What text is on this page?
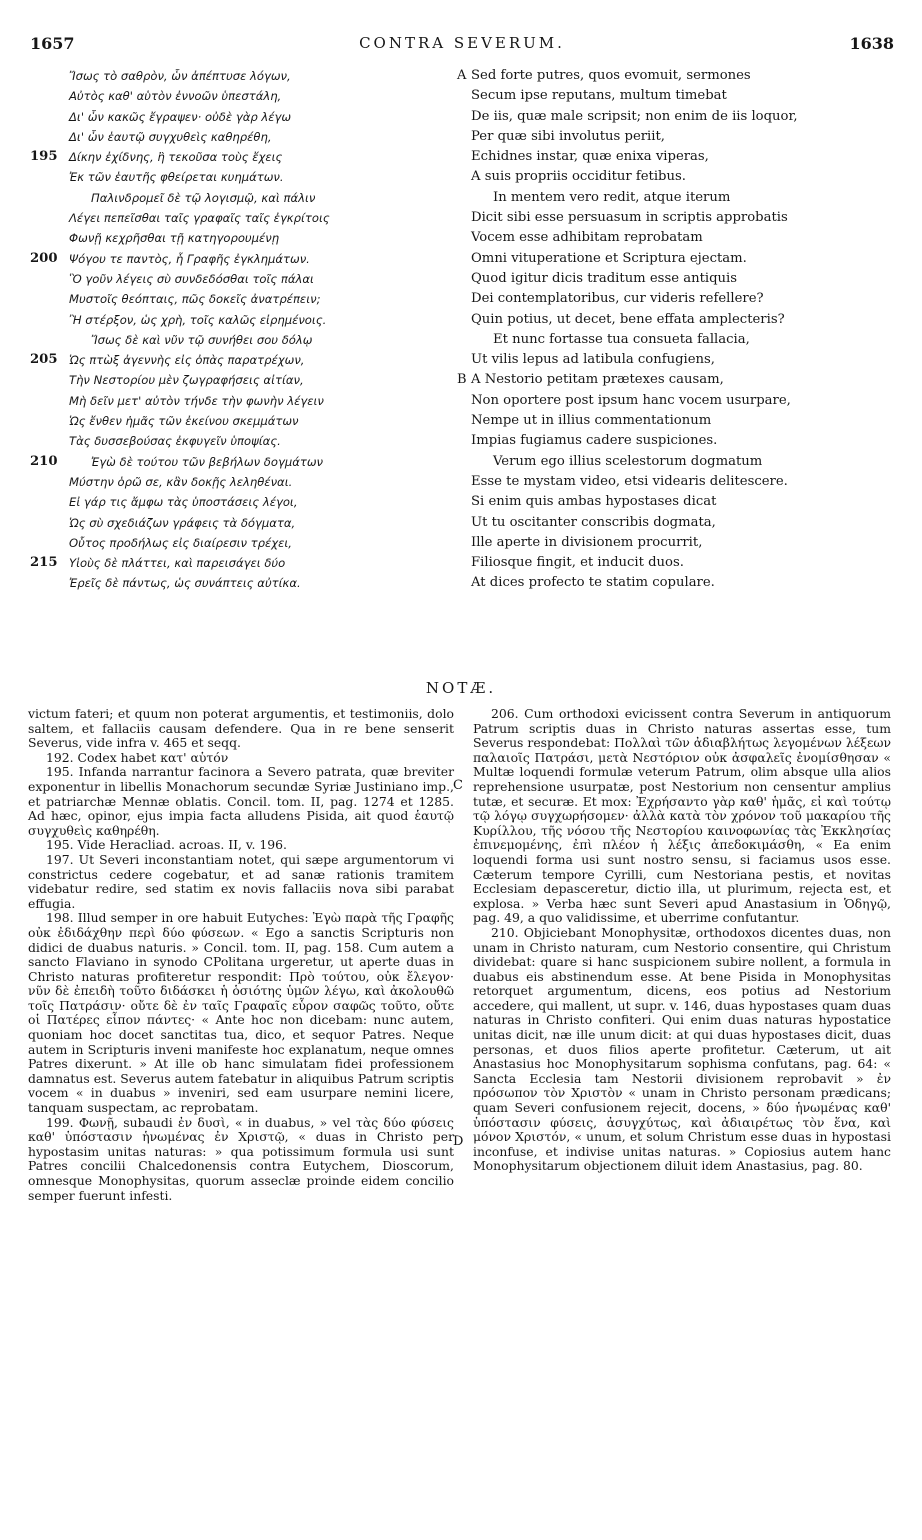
1657	CONTRA SEVERUM.	1638
Ἴσως τὸ σαθρὸν, ὧν ἀπέπτυσε λόγων,	A Sed forte putres, quos evomuit, sermones
Αὐτὸς καθ' αὑτὸν ἐννοῶν ὑπεστάλη,	Secum ipse reputans, multum timebat
Δι' ὧν κακῶς ἔγραψεν· οὐδὲ γὰρ λέγω	De iis, quæ male scripsit; non enim de iis loquor,
Δι' ὧν ἑαυτῷ συγχυθεὶς καθηρέθη,	Per quæ sibi involutus periit,
195 Δίκην ἐχίδνης, ἣ τεκοῦσα τοὺς ἔχεις	Echidnes instar, quæ enixa viperas,
Ἐκ τῶν ἑαυτῆς φθείρεται κυημάτων.	A suis propriis occiditur fetibus.
Παλινδρομεῖ δὲ τῷ λογισμῷ, καὶ πάλιν	In mentem vero redit, atque iterum
Λέγει πεπεῖσθαι ταῖς γραφαῖς ταῖς ἐγκρίτοις	Dicit sibi esse persuasum in scriptis approbatis
Φωνῇ κεχρῆσθαι τῇ κατηγορουμένῃ	Vocem esse adhibitam reprobatam
200 Ψόγου τε παντὸς, ἧ Γραφῆς ἐγκλημάτων.	Omni vituperatione et Scriptura ejectam.
Ὃ γοῦν λέγεις σὺ συνδεδόσθαι τοῖς πάλαι	Quod igitur dicis traditum esse antiquis
Μυστοῖς θεόπταις, πῶς δοκεῖς ἀνατρέπειν;	Dei contemplatoribus, cur videris refellere?
Ἢ στέρξον, ὡς χρὴ, τοῖς καλῶς εἰρημένοις.	Quin potius, ut decet, bene effata amplecteris?
Ἴσως δὲ καὶ νῦν τῷ συνήθει σου δόλῳ	Et nunc fortasse tua consueta fallacia,
205 Ὡς πτὼξ ἀγεννὴς εἰς ὀπὰς παρατρέχων,	Ut vilis lepus ad latibula confugiens,
Τὴν Νεστορίου μὲν ζωγραφήσεις αἰτίαν,	B A Nestorio petitam prætexes causam,
Μὴ δεῖν μετ' αὐτὸν τήνδε τὴν φωνὴν λέγειν	Non oportere post ipsum hanc vocem usurpare,
Ὡς ἔνθεν ἡμᾶς τῶν ἐκείνου σκεμμάτων	Nempe ut in illius commentationum
Τὰς δυσσεβούσας ἐκφυγεῖν ὑποψίας.	Impias fugiamus cadere suspiciones.
210	Ἐγὼ δὲ τούτου τῶν βεβήλων δογμάτων	Verum ego illius scelestorum dogmatum
Μύστην ὁρῶ σε, κἂν δοκῇς λεληθέναι.	Esse te mystam video, etsi videaris delitescere.
Εἰ γάρ τις ἄμφω τὰς ὑποστάσεις λέγοι,	Si enim quis ambas hypostases dicat
Ὡς σὺ σχεδιάζων γράφεις τὰ δόγματα,	Ut tu oscitanter conscribis dogmata,
Οὗτος προδήλως εἰς διαίρεσιν τρέχει,	Ille aperte in divisionem procurrit,
215 Υἱοὺς δὲ πλάττει, καὶ παρεισάγει δύο	Filiosque fingit, et inducit duos.
Ἐρεῖς δὲ πάντως, ὡς συνάπτεις αὐτίκα.	At dices profecto te statim copulare.
NOTÆ.

victum fateri; et quum non poterat argumentis, et testimoniis, dolo saltem, et fallaciis causam defendere. Qua in re bene senserit Severus, vide infra v. 465 et seqq.

192. Codex habet κατ' αὑτόν

195. Infanda narrantur facinora a Severo patrata, quæ breviter exponentur in libellis Monachorum secundæ Syriæ Justiniano imp., et patriarchæ Mennæ oblatis. Concil. tom. II, pag. 1274 et 1285. Ad hæc, opinor, ejus impia facta alludens Pisida, ait quod ἑαυτῷ συγχυθεὶς καθηρέθη.

195. Vide Heracliad. acroas. II, v. 196.

197. Ut Severi inconstantiam notet, qui sæpe argumentorum vi constrictus cedere cogebatur, et ad sanæ rationis tramitem videbatur redire, sed statim ex novis fallaciis nova sibi parabat effugia.

198. Illud semper in ore habuit Eutyches: Ἐγὼ παρὰ τῆς Γραφῆς οὐκ ἐδιδάχθην περὶ δύο φύσεων. « Ego a sanctis Scripturis non didici de duabus naturis. » Concil. tom. II, pag. 158. Cum autem a sancto Flaviano in synodo CPolitana urgeretur, ut aperte duas in Christo naturas profiteretur respondit: Πρὸ τούτου, οὐκ ἔλεγον· νῦν δὲ ἐπειδὴ τοῦτο διδάσκει ἡ ὁσιότης ὑμῶν λέγω, καὶ ἀκολουθῶ τοῖς Πατράσιν· οὔτε δὲ ἐν ταῖς Γραφαῖς εὗρον σαφῶς τοῦτο, οὔτε οἱ Πατέρες εἶπον πάντες· « Ante hoc non dicebam: nunc autem, quoniam hoc docet sanctitas tua, dico, et sequor Patres. Neque autem in Scripturis inveni manifeste hoc explanatum, neque omnes Patres dixerunt. » At ille ob hanc simulatam fidei professionem damnatus est. Severus autem fatebatur in aliquibus Patrum scriptis vocem « in duabus » inveniri, sed eam usurpare nemini licere, tanquam suspectam, ac reprobatam.

199. Φωνῇ, subaudi ἐν δυσὶ, « in duabus, » vel τὰς δύο φύσεις καθ' ὑπόστασιν ἡνωμένας ἐν Χριστῷ, « duas in Christo per hypostasim unitas naturas: » qua potissimum formula usi sunt Patres concilii Chalcedonensis contra Eutychem, Dioscorum, omnesque Monophysitas, quorum asseclæ proinde eidem concilio semper fuerunt infesti.

206. Cum orthodoxi evicissent contra Severum in antiquorum Patrum scriptis duas in Christo naturas assertas esse, tum Severus respondebat: Πολλαὶ τῶν ἀδιαβλήτως λεγομένων λέξεων παλαιοῖς Πατράσι, μετὰ Νεστόριον οὐκ ἀσφαλεῖς ἐνομίσθησαν « Multæ loquendi formulæ veterum Patrum, olim absque ulla alios reprehensione usurpatæ, post Nestorium non censentur amplius tutæ, et securæ. Et mox: Ἐχρήσαντο γὰρ καθ' ἡμᾶς, εἰ καὶ τούτῳ τῷ λόγῳ συγχωρήσομεν· ἀλλὰ κατὰ τὸν χρόνον τοῦ μακαρίου τῆς Κυρίλλου, τῆς νόσου τῆς Νεστορίου καινοφωνίας τὰς Ἐκκλησίας ἐπινεμομένης, ἐπὶ πλέον ἡ λέξις ἀπεδοκιμάσθη, « Ea enim loquendi forma usi sunt nostro sensu, si faciamus usos esse. Cæterum tempore Cyrilli, cum Nestoriana pestis, et novitas Ecclesiam depasceretur, dictio illa, ut plurimum, rejecta est, et explosa. » Verba hæc sunt Severi apud Anastasium in Ὁδηγῷ, pag. 49, a quo validissime, et uberrime confutantur.

210. Objiciebant Monophysitæ, orthodoxos dicentes duas, non unam in Christo naturam, cum Nestorio consentire, qui Christum dividebat: quare si hanc suspicionem subire nollent, a formula in duabus eis abstinendum esse. At bene Pisida in Monophysitas retorquet argumentum, dicens, eos potius ad Nestorium accedere, qui mallent, ut supr. v. 146, duas hypostases quam duas naturas in Christo confiteri. Qui enim duas naturas hypostatice unitas dicit, næ ille unum dicit: at qui duas hypostases dicit, duas personas, et duos filios aperte profitetur. Cæterum, ut ait Anastasius hoc Monophysitarum sophisma confutans, pag. 64: « Sancta Ecclesia tam Nestorii divisionem reprobavit » ἐν πρόσωπον τὸν Χριστὸν « unam in Christo personam prædicans; quam Severi confusionem rejecit, docens, » δύο ἡνωμένας καθ' ὑπόστασιν φύσεις, ἀσυγχύτως, καὶ ἀδιαιρέτως τὸν ἕνα, καὶ μόνον Χριστόν, « unum, et solum Christum esse duas in hypostasi inconfuse, et indivise unitas naturas. » Copiosius autem hanc Monophysitarum objectionem diluit idem Anastasius, pag. 80.

C
D
